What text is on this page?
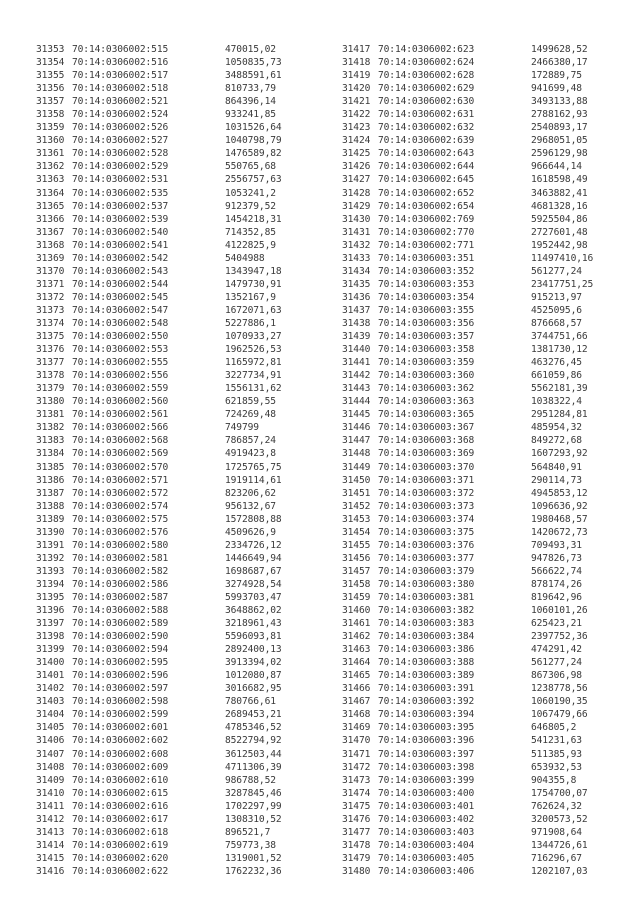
31353 70:14:0306002:515	470015,02
31354 70:14:0306002:516	1050835,73
31355 70:14:0306002:517	3488591,61
31356 70:14:0306002:518	810733,79
31357 70:14:0306002:521	864396,14
31358 70:14:0306002:524	933241,85
31359 70:14:0306002:526	1031526,64
31360 70:14:0306002:527	1040798,79
31361 70:14:0306002:528	1476589,82
31362 70:14:0306002:529	550765,68
31363 70:14:0306002:531	2556757,63
31364 70:14:0306002:535	1053241,2
31365 70:14:0306002:537	912379,52
31366 70:14:0306002:539	1454218,31
31367 70:14:0306002:540	714352,85
31368 70:14:0306002:541	4122825,9
31369 70:14:0306002:542	5404988
31370 70:14:0306002:543	1343947,18
31371 70:14:0306002:544	1479730,91
31372 70:14:0306002:545	1352167,9
31373 70:14:0306002:547	1672071,63
31374 70:14:0306002:548	5227886,1
31375 70:14:0306002:550	1070933,27
31376 70:14:0306002:553	1962526,53
31377 70:14:0306002:555	1165972,81
31378 70:14:0306002:556	3227734,91
31379 70:14:0306002:559	1556131,62
31380 70:14:0306002:560	621859,55
31381 70:14:0306002:561	724269,48
31382 70:14:0306002:566	749799
31383 70:14:0306002:568	786857,24
31384 70:14:0306002:569	4919423,8
31385 70:14:0306002:570	1725765,75
31386 70:14:0306002:571	1919114,61
31387 70:14:0306002:572	823206,62
31388 70:14:0306002:574	956132,67
31389 70:14:0306002:575	1572808,88
31390 70:14:0306002:576	4509626,9
31391 70:14:0306002:580	2334726,12
31392 70:14:0306002:581	1446649,94
31393 70:14:0306002:582	1698687,67
31394 70:14:0306002:586	3274928,54
31395 70:14:0306002:587	5993703,47
31396 70:14:0306002:588	3648862,02
31397 70:14:0306002:589	3218961,43
31398 70:14:0306002:590	5596093,81
31399 70:14:0306002:594	2892400,13
31400 70:14:0306002:595	3913394,02
31401 70:14:0306002:596	1012080,87
31402 70:14:0306002:597	3016682,95
31403 70:14:0306002:598	780766,61
31404 70:14:0306002:599	2689453,21
31405 70:14:0306002:601	4785346,52
31406 70:14:0306002:602	8522794,92
31407 70:14:0306002:608	3612503,44
31408 70:14:0306002:609	4711306,39
31409 70:14:0306002:610	986788,52
31410 70:14:0306002:615	3287845,46
31411 70:14:0306002:616	1702297,99
31412 70:14:0306002:617	1308310,52
31413 70:14:0306002:618	896521,7
31414 70:14:0306002:619	759773,38
31415 70:14:0306002:620	1319001,52
31416 70:14:0306002:622	1762232,36
31417 70:14:0306002:623	1499628,52
31418 70:14:0306002:624	2466380,17
31419 70:14:0306002:628	172889,75
31420 70:14:0306002:629	941699,48
31421 70:14:0306002:630	3493133,88
31422 70:14:0306002:631	2788162,93
31423 70:14:0306002:632	2540893,17
31424 70:14:0306002:639	2968051,05
31425 70:14:0306002:643	2596129,98
31426 70:14:0306002:644	966644,14
31427 70:14:0306002:645	1618598,49
31428 70:14:0306002:652	3463882,41
31429 70:14:0306002:654	4681328,16
31430 70:14:0306002:769	5925504,86
31431 70:14:0306002:770	2727601,48
31432 70:14:0306002:771	1952442,98
31433 70:14:0306003:351	11497410,16
31434 70:14:0306003:352	561277,24
31435 70:14:0306003:353	23417751,25
31436 70:14:0306003:354	915213,97
31437 70:14:0306003:355	4525095,6
31438 70:14:0306003:356	876668,57
31439 70:14:0306003:357	3744751,66
31440 70:14:0306003:358	1381730,12
31441 70:14:0306003:359	463276,45
31442 70:14:0306003:360	661059,86
31443 70:14:0306003:362	5562181,39
31444 70:14:0306003:363	1038322,4
31445 70:14:0306003:365	2951284,81
31446 70:14:0306003:367	485954,32
31447 70:14:0306003:368	849272,68
31448 70:14:0306003:369	1607293,92
31449 70:14:0306003:370	564840,91
31450 70:14:0306003:371	290114,73
31451 70:14:0306003:372	4945853,12
31452 70:14:0306003:373	1096636,92
31453 70:14:0306003:374	1980468,57
31454 70:14:0306003:375	1420672,73
31455 70:14:0306003:376	709493,31
31456 70:14:0306003:377	947826,73
31457 70:14:0306003:379	566622,74
31458 70:14:0306003:380	878174,26
31459 70:14:0306003:381	819642,96
31460 70:14:0306003:382	1060101,26
31461 70:14:0306003:383	625423,21
31462 70:14:0306003:384	2397752,36
31463 70:14:0306003:386	474291,42
31464 70:14:0306003:388	561277,24
31465 70:14:0306003:389	867306,98
31466 70:14:0306003:391	1238778,56
31467 70:14:0306003:392	1060190,35
31468 70:14:0306003:394	1067479,66
31469 70:14:0306003:395	646805,2
31470 70:14:0306003:396	541231,63
31471 70:14:0306003:397	511385,93
31472 70:14:0306003:398	653932,53
31473 70:14:0306003:399	904355,8
31474 70:14:0306003:400	1754700,07
31475 70:14:0306003:401	762624,32
31476 70:14:0306003:402	3200573,52
31477 70:14:0306003:403	971908,64
31478 70:14:0306003:404	1344726,61
31479 70:14:0306003:405	716296,67
31480 70:14:0306003:406	1202107,03
